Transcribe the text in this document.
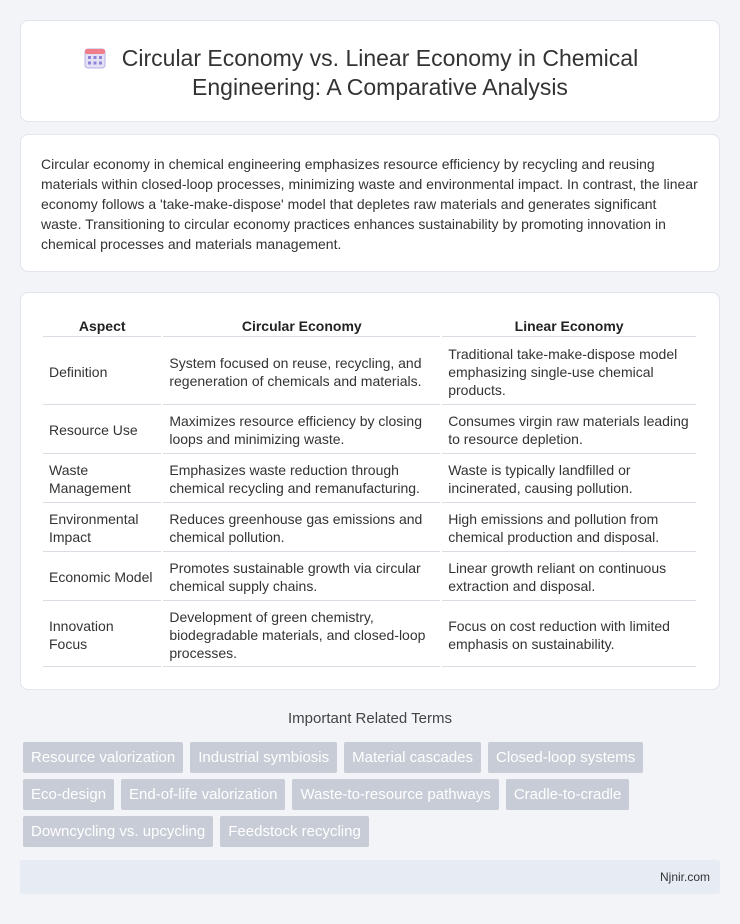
Circular Economy vs. Linear Economy in Chemical Engineering: A Comparative Analysis

Circular economy in chemical engineering emphasizes resource efficiency by recycling and reusing materials within closed-loop processes, minimizing waste and environmental impact. In contrast, the linear economy follows a 'take-make-dispose' model that depletes raw materials and generates significant waste. Transitioning to circular economy practices enhances sustainability by promoting innovation in chemical processes and materials management.

Aspect	Circular Economy	Linear Economy
Definition	System focused on reuse, recycling, and regeneration of chemicals and materials.	Traditional take-make-dispose model emphasizing single-use chemical products.
Resource Use	Maximizes resource efficiency by closing loops and minimizing waste.	Consumes virgin raw materials leading to resource depletion.
Waste Management	Emphasizes waste reduction through chemical recycling and remanufacturing.	Waste is typically landfilled or incinerated, causing pollution.
Environmental Impact	Reduces greenhouse gas emissions and chemical pollution.	High emissions and pollution from chemical production and disposal.
Economic Model	Promotes sustainable growth via circular chemical supply chains.	Linear growth reliant on continuous extraction and disposal.
Innovation Focus	Development of green chemistry, biodegradable materials, and closed-loop processes.	Focus on cost reduction with limited emphasis on sustainability.
Important Related Terms
Resource valorization	Industrial symbiosis	Material cascades	Closed-loop systems
Eco-design	End-of-life valorization	Waste-to-resource pathways	Cradle-to-cradle
Downcycling vs. upcycling	Feedstock recycling
Njnir.com
